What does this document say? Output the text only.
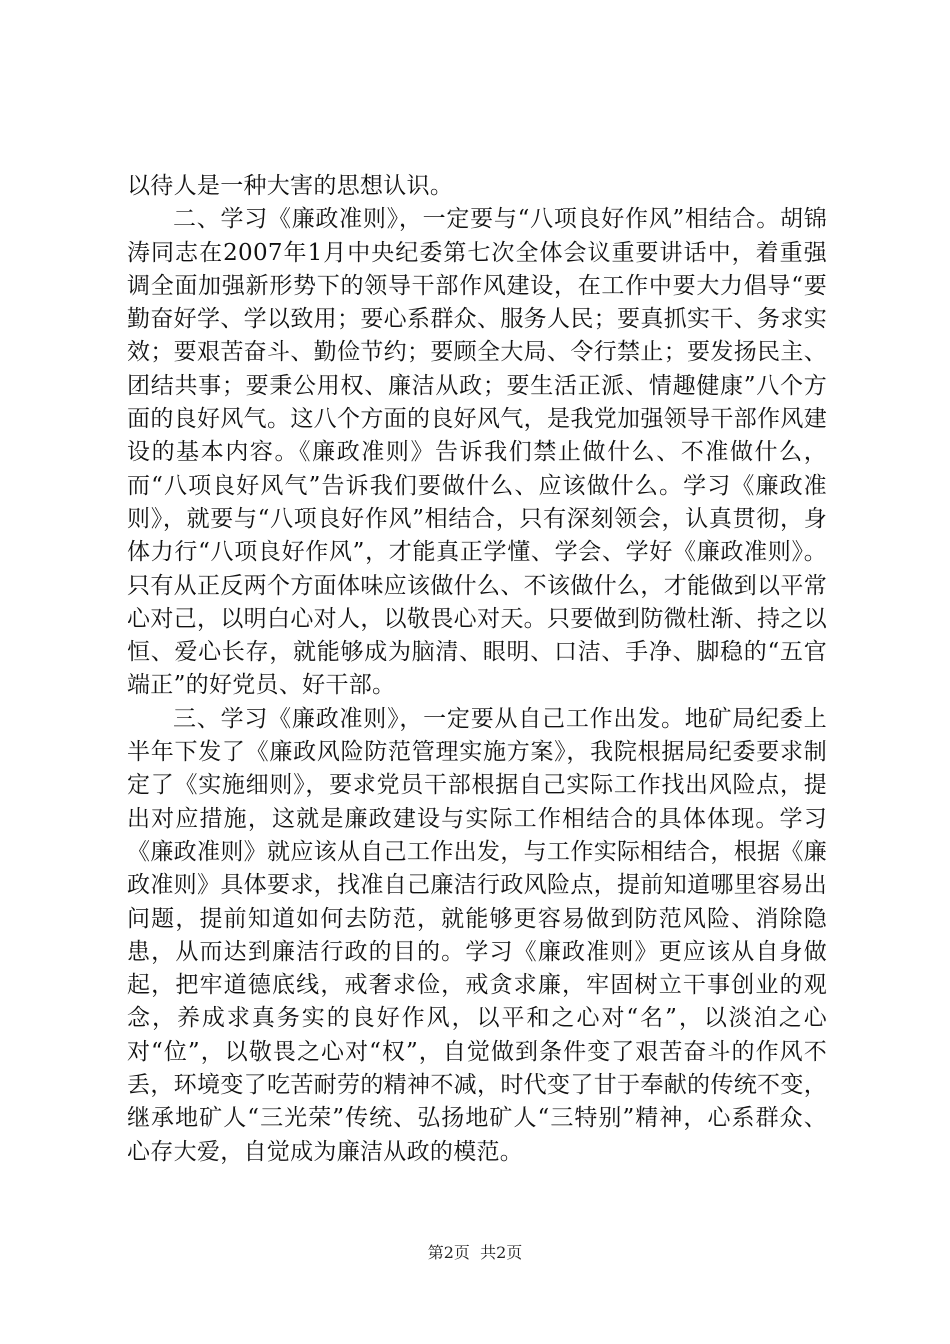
以待人是一种大害的思想认识。

二、学习《廉政准则》，一定要与“八项良好作风”相结合。胡锦涛同志在2007年1月中央纪委第七次全体会议重要讲话中，着重强调全面加强新形势下的领导干部作风建设，在工作中要大力倡导“要勤奋好学、学以致用；要心系群众、服务人民；要真抓实干、务求实效；要艰苦奋斗、勤俭节约；要顾全大局、令行禁止；要发扬民主、团结共事；要秉公用权、廉洁从政；要生活正派、情趣健康”八个方面的良好风气。这八个方面的良好风气，是我党加强领导干部作风建设的基本内容。《廉政准则》告诉我们禁止做什么、不准做什么，而“八项良好风气”告诉我们要做什么、应该做什么。学习《廉政准则》，就要与“八项良好作风”相结合，只有深刻领会，认真贯彻，身体力行“八项良好作风”，才能真正学懂、学会、学好《廉政准则》。只有从正反两个方面体味应该做什么、不该做什么，才能做到以平常心对己，以明白心对人，以敬畏心对天。只要做到防微杜渐、持之以恒、爱心长存，就能够成为脑清、眼明、口洁、手净、脚稳的“五官端正”的好党员、好干部。

三、学习《廉政准则》，一定要从自己工作出发。地矿局纪委上半年下发了《廉政风险防范管理实施方案》，我院根据局纪委要求制定了《实施细则》，要求党员干部根据自己实际工作找出风险点，提出对应措施，这就是廉政建设与实际工作相结合的具体体现。学习《廉政准则》就应该从自己工作出发，与工作实际相结合，根据《廉政准则》具体要求，找准自己廉洁行政风险点，提前知道哪里容易出问题，提前知道如何去防范，就能够更容易做到防范风险、消除隐患，从而达到廉洁行政的目的。学习《廉政准则》更应该从自身做起，把牢道德底线，戒奢求俭，戒贪求廉，牢固树立干事创业的观念，养成求真务实的良好作风，以平和之心对“名”，以淡泊之心对“位”，以敬畏之心对“权”，自觉做到条件变了艰苦奋斗的作风不丢，环境变了吃苦耐劳的精神不减，时代变了甘于奉献的传统不变，继承地矿人“三光荣”传统、弘扬地矿人“三特别”精神，心系群众、心存大爱，自觉成为廉洁从政的模范。

第2页 共2页
